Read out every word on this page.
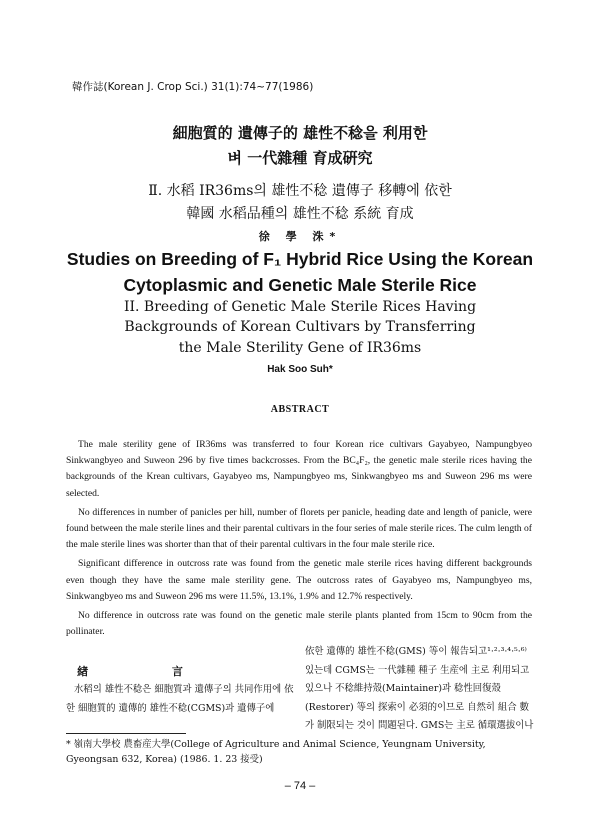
韓作誌(Korean J. Crop Sci.) 31(1):74~77(1986)
細胞質的 遺傳子的 雄性不稔을 利用한
벼 一代雜種 育成硏究
Ⅱ. 水稻 IR36ms의 雄性不稔 遺傳子 移轉에 依한
韓國 水稻品種의 雄性不稔 系統 育成
徐 學 洙*
Studies on Breeding of F₁ Hybrid Rice Using the Korean
Cytoplasmic and Genetic Male Sterile Rice
II. Breeding of Genetic Male Sterile Rices Having
Backgrounds of Korean Cultivars by Transferring
the Male Sterility Gene of IR36ms
Hak Soo Suh*
ABSTRACT

The male sterility gene of IR36ms was transferred to four Korean rice cultivars Gayabyeo, Nampungbyeo Sinkwangbyeo and Suweon 296 by five times backcrosses. From the BC₄F₂, the genetic male sterile rices having the backgrounds of the Krean cultivars, Gayabyeo ms, Nampungbyeo ms, Sinkwangbyeo ms and Suweon 296 ms were selected.

No differences in number of panicles per hill, number of florets per panicle, heading date and length of panicle, were found between the male sterile lines and their parental cultivars in the four series of male sterile rices. The culm length of the male sterile lines was shorter than that of their parental cultivars in the four male sterile rice.

Significant difference in outcross rate was found from the genetic male sterile rices having different backgrounds even though they have the same male sterility gene. The outcross rates of Gayabyeo ms, Nampungbyeo ms, Sinkwangbyeo ms and Suweon 296 ms were 11.5%, 13.1%, 1.9% and 12.7% respectively.

No difference in outcross rate was found on the genetic male sterile plants planted from 15cm to 90cm from the pollinater.

緖 言

水稻의 雄性不稔은 細胞質과 遺傳子의 共同作用에 依한 細胞質的 遺傳的 雄性不稔(CGMS)과 遺傳子에

依한 遺傳的 雄性不稔(GMS) 等이 報告되고¹·²·³·⁴·⁵·⁶⁾ 있는데 CGMS는 一代雜種 種子 生産에 主로 利用되고 있으나 不稔維持殼(Maintainer)과 稔性回復殼(Restorer) 等의 探索이 必須的이므로 自然히 組合 數가 制限되는 것이 問題된다. GMS는 主로 循環選拔이나

* 嶺南大學校 農畜産大學(College of Agriculture and Animal Science, Yeungnam University, Gyeongsan 632, Korea) (1986. 1. 23 接受)
– 74 –
